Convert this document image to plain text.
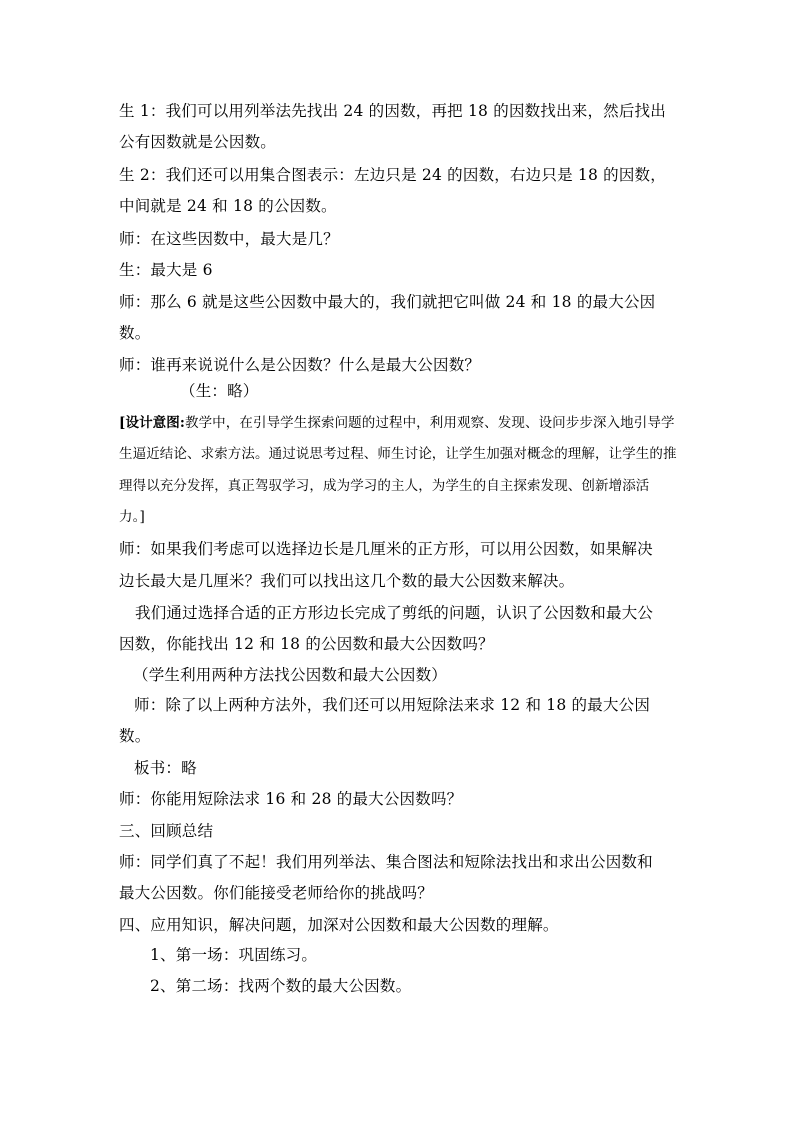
生 1：我们可以用列举法先找出 24 的因数，再把 18 的因数找出来，然后找出
公有因数就是公因数。
生 2：我们还可以用集合图表示：左边只是 24 的因数，右边只是 18 的因数，
中间就是 24 和 18 的公因数。
师：在这些因数中，最大是几？
生：最大是 6
师：那么 6 就是这些公因数中最大的，我们就把它叫做 24 和 18 的最大公因
数。
师：谁再来说说什么是公因数？什么是最大公因数？
（生：略）
[设计意图:教学中，在引导学生探索问题的过程中，利用观察、发现、设问步步深入地引导学
生逼近结论、求索方法。通过说思考过程、师生讨论，让学生加强对概念的理解，让学生的推
理得以充分发挥，真正驾驭学习，成为学习的主人，为学生的自主探索发现、创新增添活
力。]
师：如果我们考虑可以选择边长是几厘米的正方形，可以用公因数，如果解决
边长最大是几厘米？我们可以找出这几个数的最大公因数来解决。
我们通过选择合适的正方形边长完成了剪纸的问题，认识了公因数和最大公
因数，你能找出 12 和 18 的公因数和最大公因数吗？
（学生利用两种方法找公因数和最大公因数）
师：除了以上两种方法外，我们还可以用短除法来求 12 和 18 的最大公因
数。
板书：略
师：你能用短除法求 16 和 28 的最大公因数吗？
三、回顾总结
师：同学们真了不起！我们用列举法、集合图法和短除法找出和求出公因数和
最大公因数。你们能接受老师给你的挑战吗？
四、应用知识，解决问题，加深对公因数和最大公因数的理解。
1、第一场：巩固练习。
2、第二场：找两个数的最大公因数。
